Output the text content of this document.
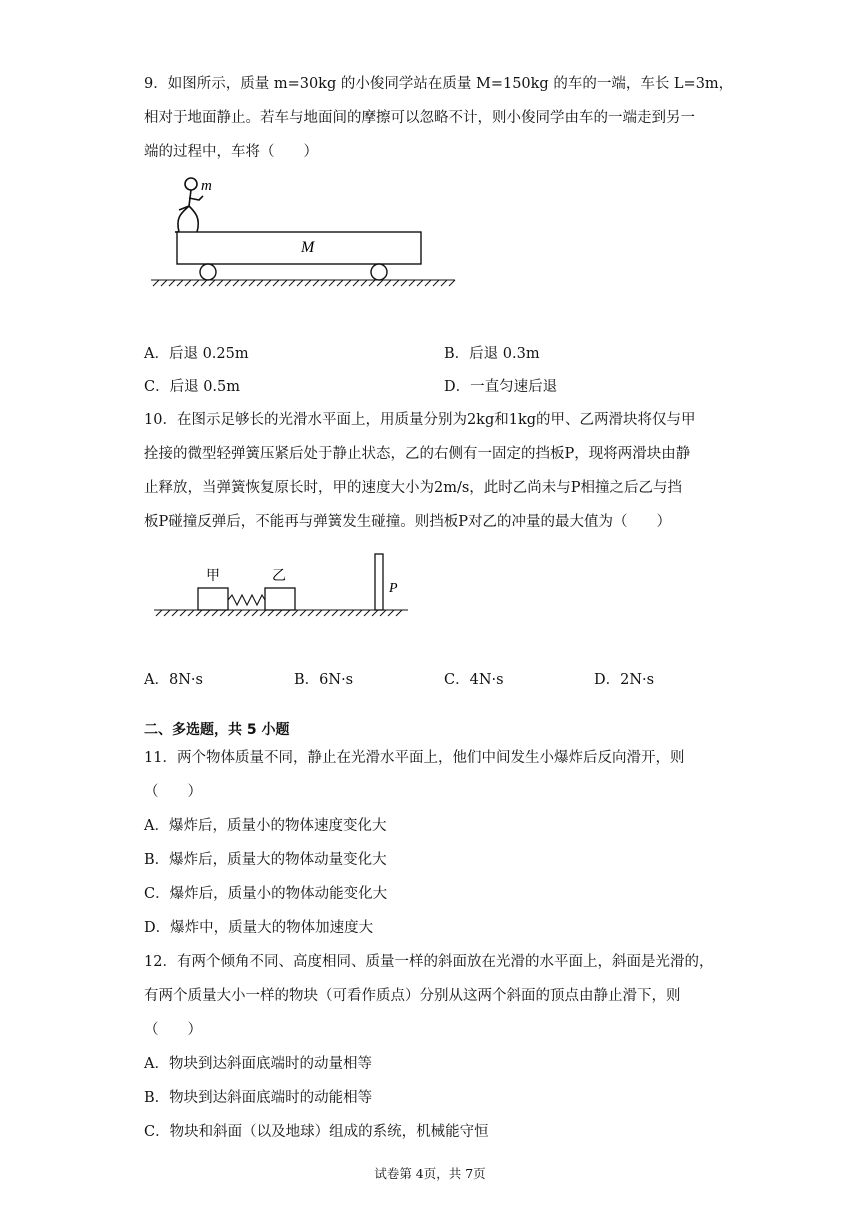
9．如图所示，质量 m=30kg 的小俊同学站在质量 M=150kg 的车的一端，车长 L=3m，
相对于地面静止。若车与地面间的摩擦可以忽略不计，则小俊同学由车的一端走到另一
端的过程中，车将（　　）
m
M
A．后退 0.25m	B．后退 0.3m
C．后退 0.5m	D．一直匀速后退
10．在图示足够长的光滑水平面上，用质量分别为2kg和1kg的甲、乙两滑块将仅与甲
拴接的微型轻弹簧压紧后处于静止状态，乙的右侧有一固定的挡板P，现将两滑块由静
止释放，当弹簧恢复原长时，甲的速度大小为2m/s，此时乙尚未与P相撞之后乙与挡
板P碰撞反弹后，不能再与弹簧发生碰撞。则挡板P对乙的冲量的最大值为（　　）
甲	乙
P
A．8N·s	B．6N·s	C．4N·s	D．2N·s
二、多选题，共 5 小题
11．两个物体质量不同，静止在光滑水平面上，他们中间发生小爆炸后反向滑开，则
（　　）
A．爆炸后，质量小的物体速度变化大
B．爆炸后，质量大的物体动量变化大
C．爆炸后，质量小的物体动能变化大
D．爆炸中，质量大的物体加速度大
12．有两个倾角不同、高度相同、质量一样的斜面放在光滑的水平面上，斜面是光滑的，
有两个质量大小一样的物块（可看作质点）分别从这两个斜面的顶点由静止滑下，则
（　　）
A．物块到达斜面底端时的动量相等
B．物块到达斜面底端时的动能相等
C．物块和斜面（以及地球）组成的系统，机械能守恒
试卷第 4页，共 7页
